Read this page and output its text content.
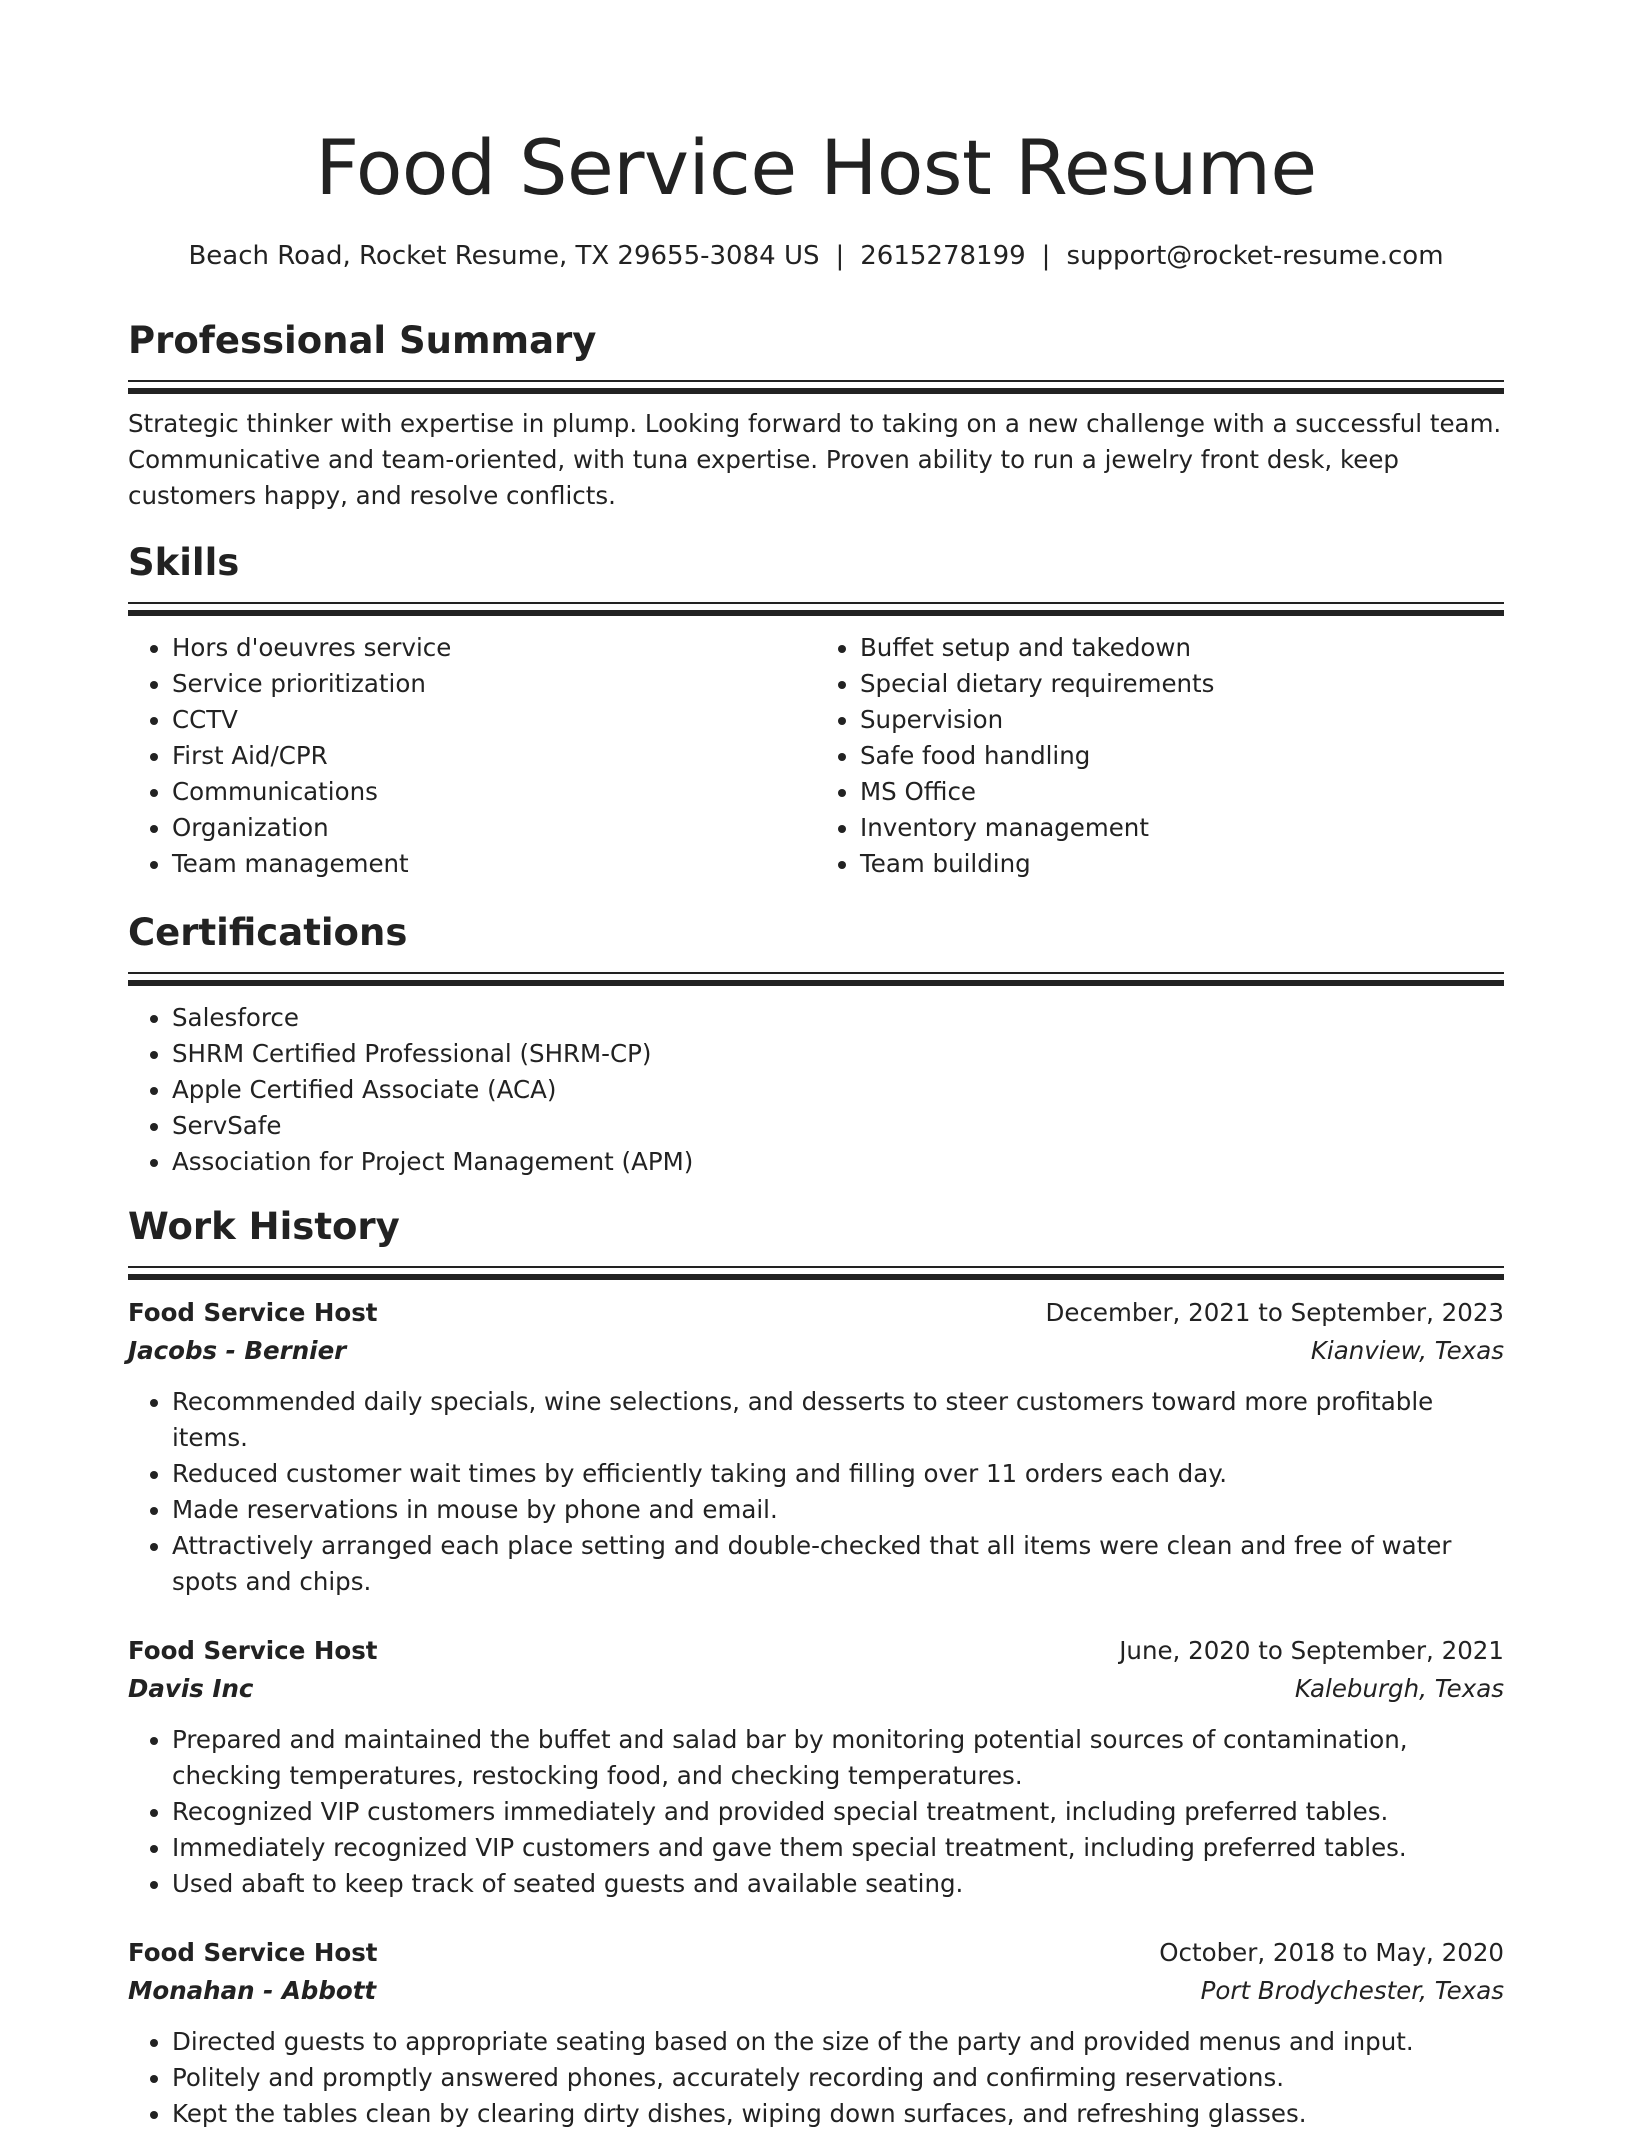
Food Service Host Resume
Beach Road, Rocket Resume, TX 29655-3084 US | 2615278199 | support@rocket-resume.com
Professional Summary
Strategic thinker with expertise in plump. Looking forward to taking on a new challenge with a successful team. Communicative and team-oriented, with tuna expertise. Proven ability to run a jewelry front desk, keep customers happy, and resolve conflicts.
Skills
• Hors d'oeuvres service
• Service prioritization
• CCTV
• First Aid/CPR
• Communications
• Organization
• Team management
• Buffet setup and takedown
• Special dietary requirements
• Supervision
• Safe food handling
• MS Office
• Inventory management
• Team building
Certifications
• Salesforce
• SHRM Certified Professional (SHRM-CP)
• Apple Certified Associate (ACA)
• ServSafe
• Association for Project Management (APM)
Work History
Food Service Host	December, 2021 to September, 2023
Jacobs - Bernier	Kianview, Texas
• Recommended daily specials, wine selections, and desserts to steer customers toward more profitable items.
• Reduced customer wait times by efficiently taking and filling over 11 orders each day.
• Made reservations in mouse by phone and email.
• Attractively arranged each place setting and double-checked that all items were clean and free of water spots and chips.
Food Service Host	June, 2020 to September, 2021
Davis Inc	Kaleburgh, Texas
• Prepared and maintained the buffet and salad bar by monitoring potential sources of contamination, checking temperatures, restocking food, and checking temperatures.
• Recognized VIP customers immediately and provided special treatment, including preferred tables.
• Immediately recognized VIP customers and gave them special treatment, including preferred tables.
• Used abaft to keep track of seated guests and available seating.
Food Service Host	October, 2018 to May, 2020
Monahan - Abbott	Port Brodychester, Texas
• Directed guests to appropriate seating based on the size of the party and provided menus and input.
• Politely and promptly answered phones, accurately recording and confirming reservations.
• Kept the tables clean by clearing dirty dishes, wiping down surfaces, and refreshing glasses.
